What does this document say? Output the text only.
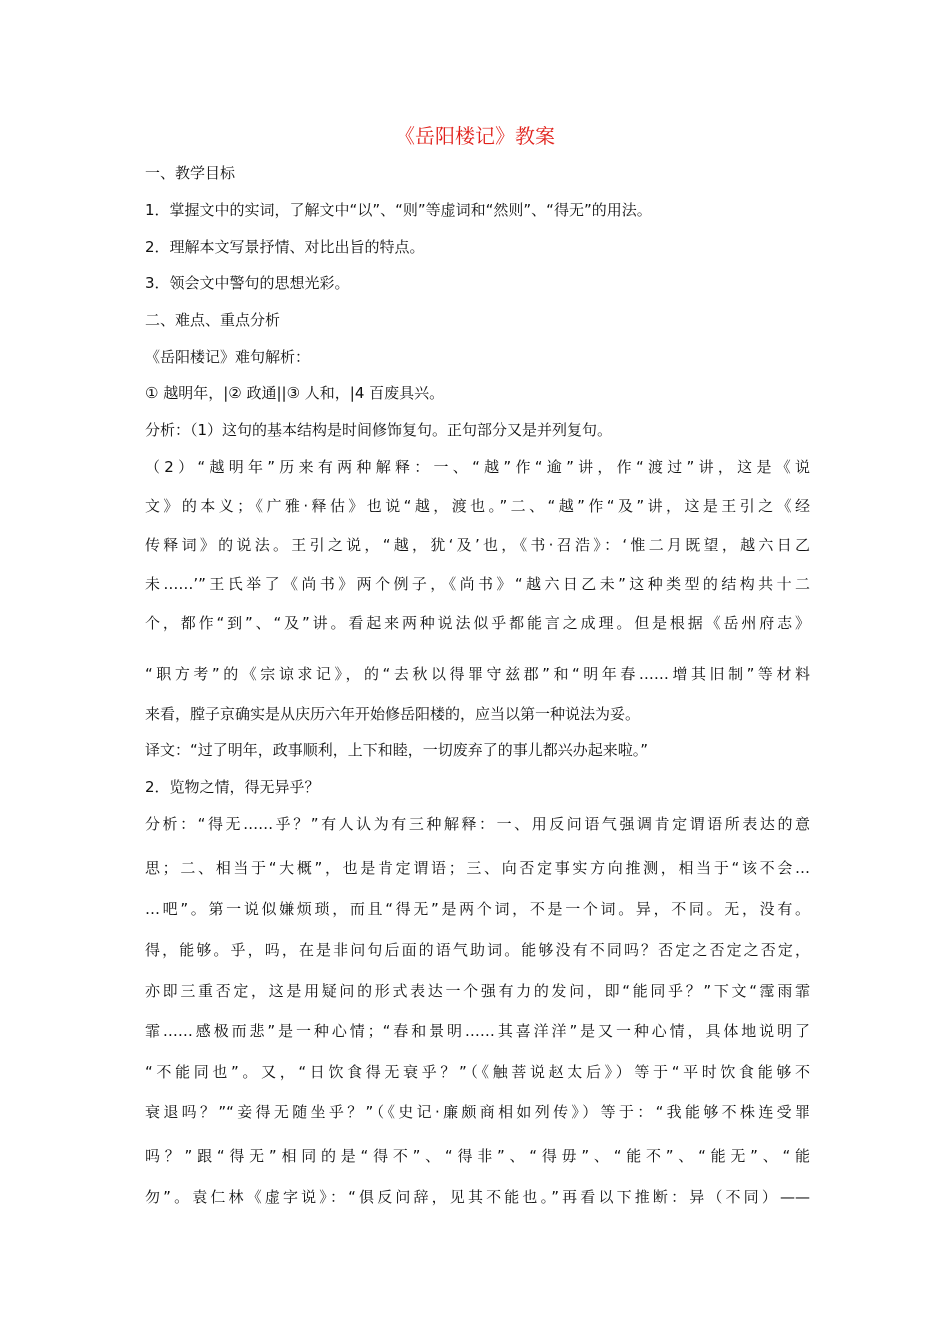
《岳阳楼记》教案
一、教学目标
1．掌握文中的实词，了解文中“以”、“则”等虚词和“然则”、“得无”的用法。
2．理解本文写景抒情、对比出旨的特点。
3．领会文中警句的思想光彩。
二、难点、重点分析
《岳阳楼记》难句解析：
① 越明年，|② 政通||③ 人和，|4 百废具兴。
分析：（1）这句的基本结构是时间修饰复句。正句部分又是并列复句。
（2）“越明年”历来有两种解释：一、“越”作“逾”讲，作“渡过”讲，这是《说
文》的本义；《广雅·释估》也说“越，渡也。”二、“越”作“及”讲，这是王引之《经
传释词》的说法。王引之说，“越，犹‘及’也，《书·召浩》：‘惟二月既望，越六日乙
未……’”王氏举了《尚书》两个例子，《尚书》“越六日乙未”这种类型的结构共十二
个，都作“到”、“及”讲。看起来两种说法似乎都能言之成理。但是根据《岳州府志》
“职方考”的《宗谅求记》，的“去秋以得罪守兹郡”和“明年春……增其旧制”等材料
来看，膛子京确实是从庆历六年开始修岳阳楼的，应当以第一种说法为妥。
译文：“过了明年，政事顺利，上下和睦，一切废弃了的事儿都兴办起来啦。”
2．览物之情，得无异乎？
分析：“得无……乎？”有人认为有三种解释：一、用反问语气强调肯定谓语所表达的意
思；二、相当于“大概”，也是肯定谓语；三、向否定事实方向推测，相当于“该不会…
…吧”。第一说似嫌烦琐，而且“得无”是两个词，不是一个词。异，不同。无，没有。
得，能够。乎，吗，在是非问句后面的语气助词。能够没有不同吗？否定之否定之否定，
亦即三重否定，这是用疑问的形式表达一个强有力的发问，即“能同乎？”下文“霪雨霏
霏……感极而悲”是一种心情；“春和景明……其喜洋洋”是又一种心情，具体地说明了
“不能同也”。又，“日饮食得无衰乎？”（《触菩说赵太后》）等于“平时饮食能够不
衰退吗？”“妾得无随坐乎？”（《史记·廉颇商相如列传》）等于：“我能够不株连受罪
吗？”跟“得无”相同的是“得不”、“得非”、“得毋”、“能不”、“能无”、“能
勿”。袁仁林《虚字说》：“俱反问辞，见其不能也。”再看以下推断：异（不同）——
